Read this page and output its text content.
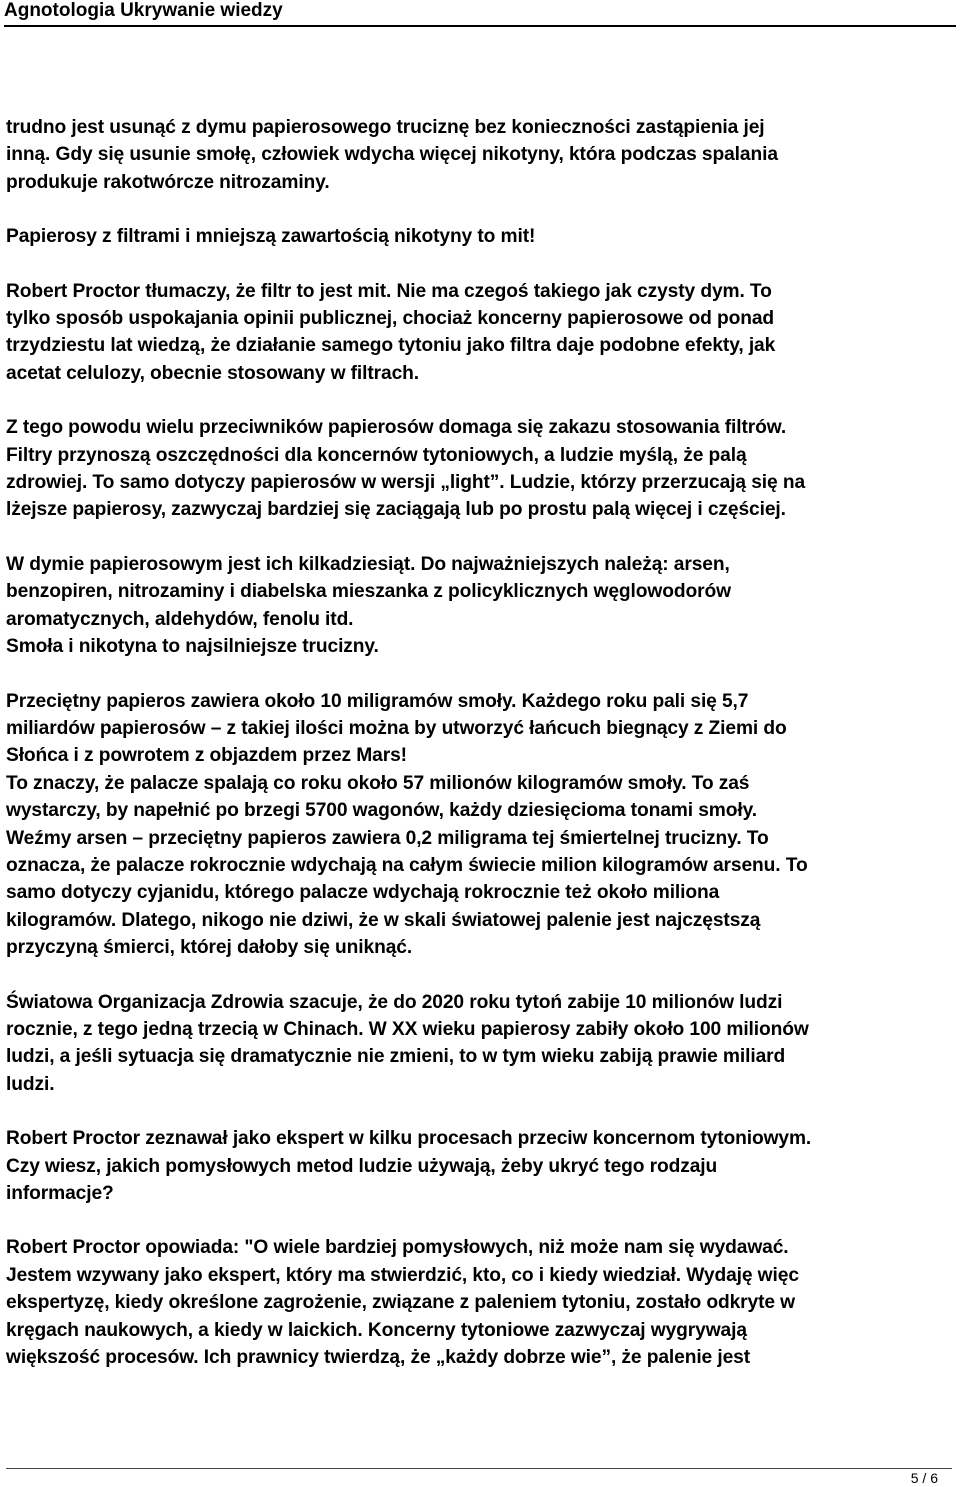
Agnotologia Ukrywanie wiedzy

trudno jest usunąć z dymu papierosowego truciznę bez konieczności zastąpienia jej
inną. Gdy się usunie smołę, człowiek wdycha więcej nikotyny, która podczas spalania
produkuje rakotwórcze nitrozaminy.

Papierosy z filtrami i mniejszą zawartością nikotyny to mit!

Robert Proctor tłumaczy, że filtr to jest mit. Nie ma czegoś takiego jak czysty dym. To
tylko sposób uspokajania opinii publicznej, chociaż koncerny papierosowe od ponad
trzydziestu lat wiedzą, że działanie samego tytoniu jako filtra daje podobne efekty, jak
acetat celulozy, obecnie stosowany w filtrach.

Z tego powodu wielu przeciwników papierosów domaga się zakazu stosowania filtrów.
Filtry przynoszą oszczędności dla koncernów tytoniowych, a ludzie myślą, że palą
zdrowiej. To samo dotyczy papierosów w wersji „light”. Ludzie, którzy przerzucają się na
lżejsze papierosy, zazwyczaj bardziej się zaciągają lub po prostu palą więcej i częściej.

W dymie papierosowym jest ich kilkadziesiąt. Do najważniejszych należą: arsen,
benzopiren, nitrozaminy i diabelska mieszanka z policyklicznych węglowodorów
aromatycznych, aldehydów, fenolu itd.
Smoła i nikotyna to najsilniejsze trucizny.

Przeciętny papieros zawiera około 10 miligramów smoły. Każdego roku pali się 5,7
miliardów papierosów – z takiej ilości można by utworzyć łańcuch biegnący z Ziemi do
Słońca i z powrotem z objazdem przez Mars!
To znaczy, że palacze spalają co roku około 57 milionów kilogramów smoły. To zaś
wystarczy, by napełnić po brzegi 5700 wagonów, każdy dziesięcioma tonami smoły.
Weźmy arsen – przeciętny papieros zawiera 0,2 miligrama tej śmiertelnej trucizny. To
oznacza, że palacze rokrocznie wdychają na całym świecie milion kilogramów arsenu. To
samo dotyczy cyjanidu, którego palacze wdychają rokrocznie też około miliona
kilogramów. Dlatego, nikogo nie dziwi, że w skali światowej palenie jest najczęstszą
przyczyną śmierci, której dałoby się uniknąć.

Światowa Organizacja Zdrowia szacuje, że do 2020 roku tytoń zabije 10 milionów ludzi
rocznie, z tego jedną trzecią w Chinach. W XX wieku papierosy zabiły około 100 milionów
ludzi, a jeśli sytuacja się dramatycznie nie zmieni, to w tym wieku zabiją prawie miliard
ludzi.

Robert Proctor zeznawał jako ekspert w kilku procesach przeciw koncernom tytoniowym.
Czy wiesz, jakich pomysłowych metod ludzie używają, żeby ukryć tego rodzaju
informacje?

Robert Proctor opowiada: "O wiele bardziej pomysłowych, niż może nam się wydawać.
Jestem wzywany jako ekspert, który ma stwierdzić, kto, co i kiedy wiedział. Wydaję więc
ekspertyzę, kiedy określone zagrożenie, związane z paleniem tytoniu, zostało odkryte w
kręgach naukowych, a kiedy w laickich. Koncerny tytoniowe zazwyczaj wygrywają
większość procesów. Ich prawnicy twierdzą, że „każdy dobrze wie”, że palenie jest

5 / 6
